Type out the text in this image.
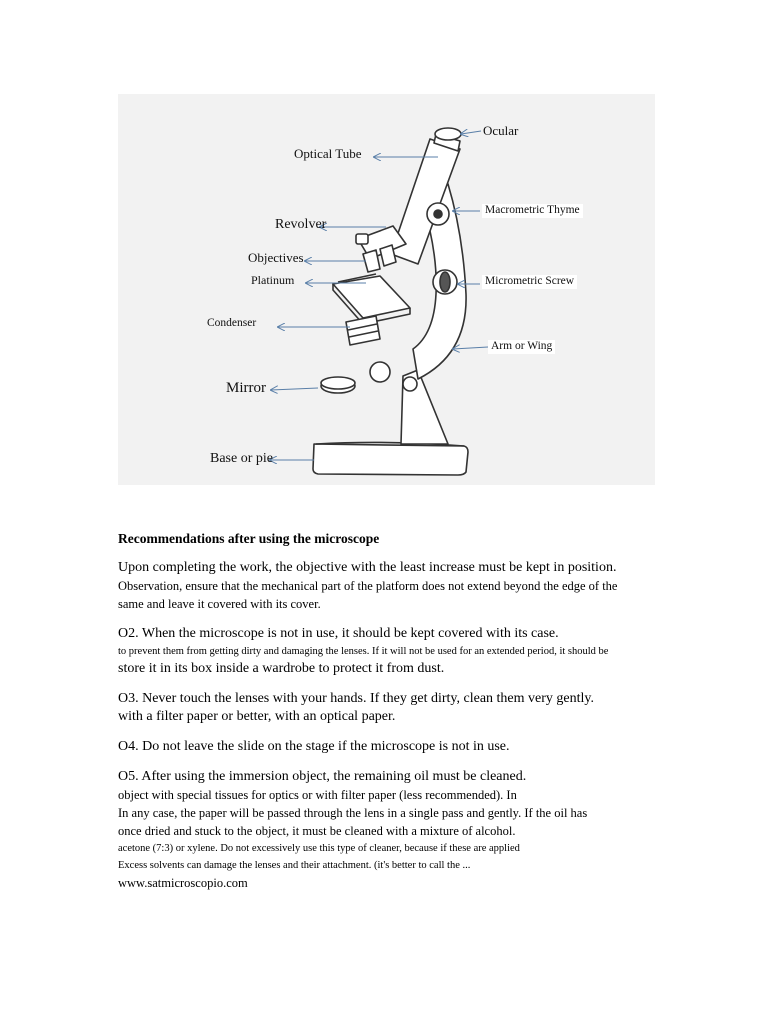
Ocular
Optical Tube
Revolver
Macrometric Thyme
Objectives
Platinum	Micrometric Screw
Condenser
Arm or Wing
Mirror
Base or pie
Recommendations after using the microscope
Upon completing the work, the objective with the least increase must be kept in position.
Observation, ensure that the mechanical part of the platform does not extend beyond the edge of the
same and leave it covered with its cover.
O2. When the microscope is not in use, it should be kept covered with its case.
to prevent them from getting dirty and damaging the lenses. If it will not be used for an extended period, it should be
store it in its box inside a wardrobe to protect it from dust.
O3. Never touch the lenses with your hands. If they get dirty, clean them very gently.
with a filter paper or better, with an optical paper.
O4. Do not leave the slide on the stage if the microscope is not in use.
O5. After using the immersion object, the remaining oil must be cleaned.
object with special tissues for optics or with filter paper (less recommended). In
In any case, the paper will be passed through the lens in a single pass and gently. If the oil has
once dried and stuck to the object, it must be cleaned with a mixture of alcohol.
acetone (7:3) or xylene. Do not excessively use this type of cleaner, because if these are applied
Excess solvents can damage the lenses and their attachment. (it's better to call the ...
www.satmicroscopio.com
